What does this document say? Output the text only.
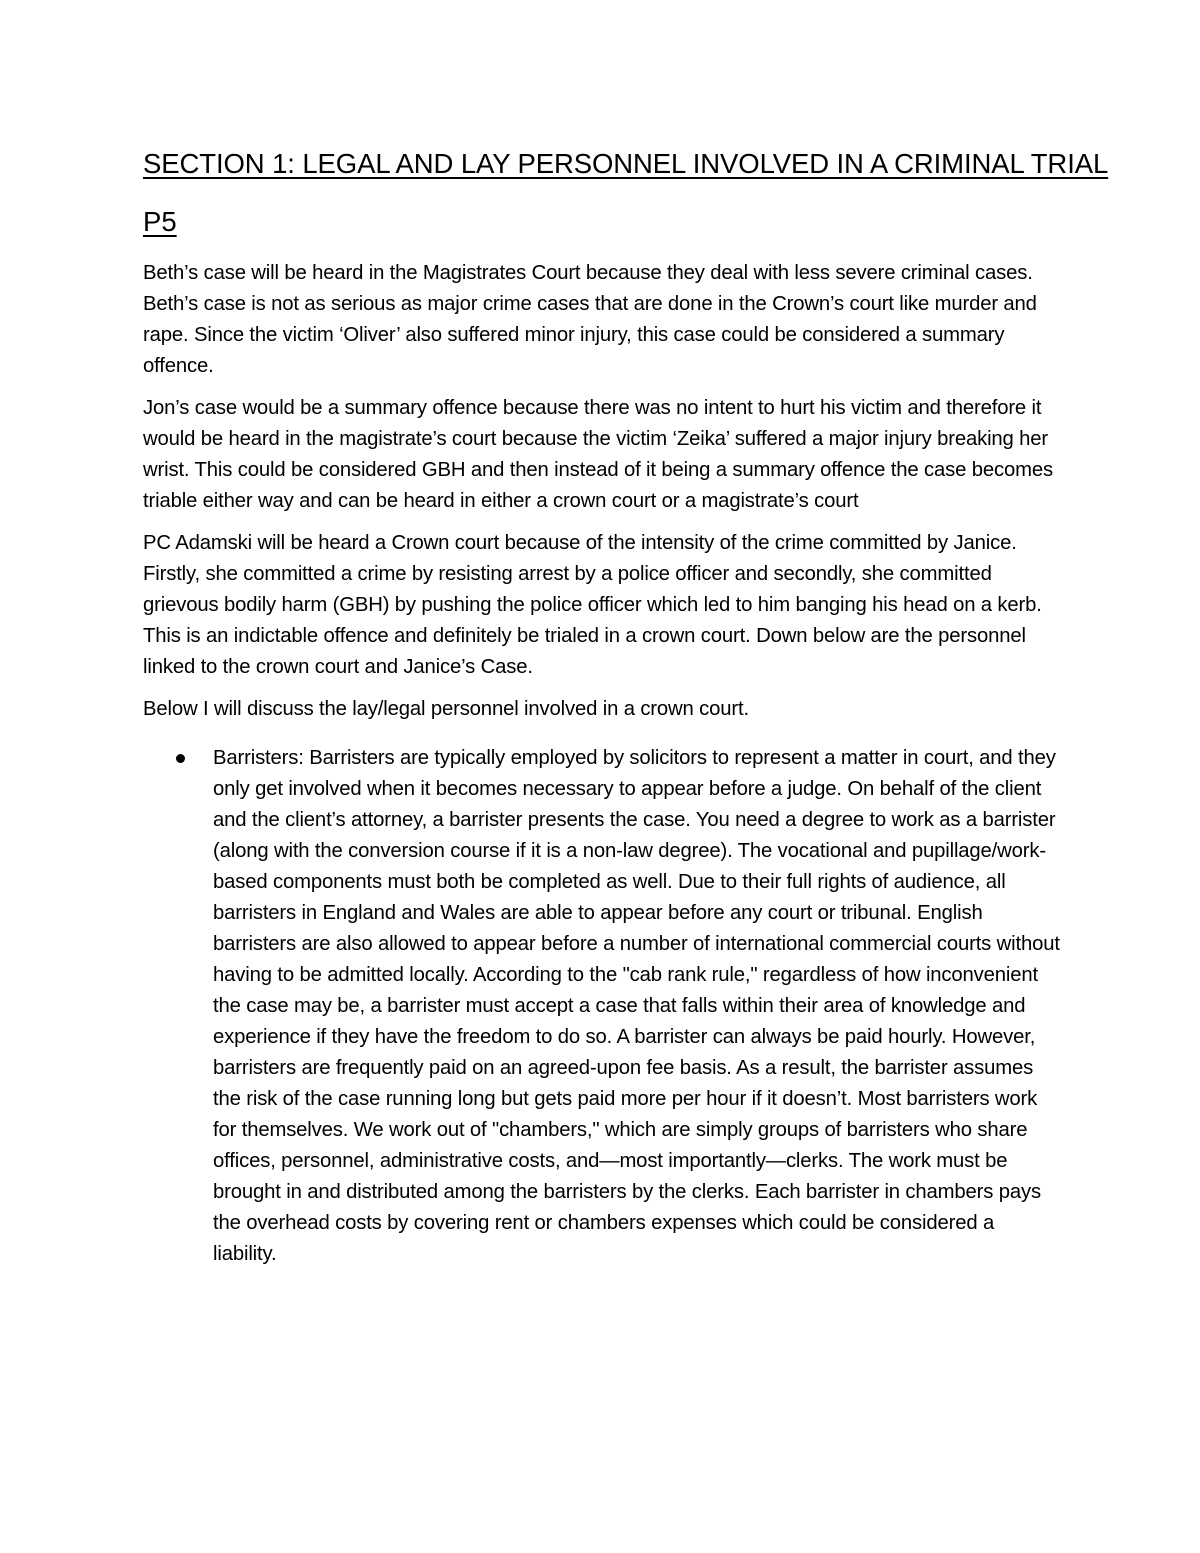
SECTION 1: LEGAL AND LAY PERSONNEL INVOLVED IN A CRIMINAL TRIAL
P5

Beth’s case will be heard in the Magistrates Court because they deal with less severe criminal cases. Beth’s case is not as serious as major crime cases that are done in the Crown’s court like murder and rape. Since the victim ‘Oliver’ also suffered minor injury, this case could be considered a summary offence.

Jon’s case would be a summary offence because there was no intent to hurt his victim and therefore it would be heard in the magistrate’s court because the victim ‘Zeika’ suffered a major injury breaking her wrist. This could be considered GBH and then instead of it being a summary offence the case becomes triable either way and can be heard in either a crown court or a magistrate’s court

PC Adamski will be heard a Crown court because of the intensity of the crime committed by Janice. Firstly, she committed a crime by resisting arrest by a police officer and secondly, she committed grievous bodily harm (GBH) by pushing the police officer which led to him banging his head on a kerb. This is an indictable offence and definitely be trialed in a crown court. Down below are the personnel linked to the crown court and Janice’s Case.

Below I will discuss the lay/legal personnel involved in a crown court.

Barristers: Barristers are typically employed by solicitors to represent a matter in court, and they only get involved when it becomes necessary to appear before a judge. On behalf of the client and the client’s attorney, a barrister presents the case. You need a degree to work as a barrister (along with the conversion course if it is a non-law degree). The vocational and pupillage/work-based components must both be completed as well. Due to their full rights of audience, all barristers in England and Wales are able to appear before any court or tribunal. English barristers are also allowed to appear before a number of international commercial courts without having to be admitted locally. According to the "cab rank rule," regardless of how inconvenient the case may be, a barrister must accept a case that falls within their area of knowledge and experience if they have the freedom to do so. A barrister can always be paid hourly. However, barristers are frequently paid on an agreed-upon fee basis. As a result, the barrister assumes the risk of the case running long but gets paid more per hour if it doesn’t. Most barristers work for themselves. We work out of "chambers," which are simply groups of barristers who share offices, personnel, administrative costs, and—most importantly—clerks. The work must be brought in and distributed among the barristers by the clerks. Each barrister in chambers pays the overhead costs by covering rent or chambers expenses which could be considered a liability.
